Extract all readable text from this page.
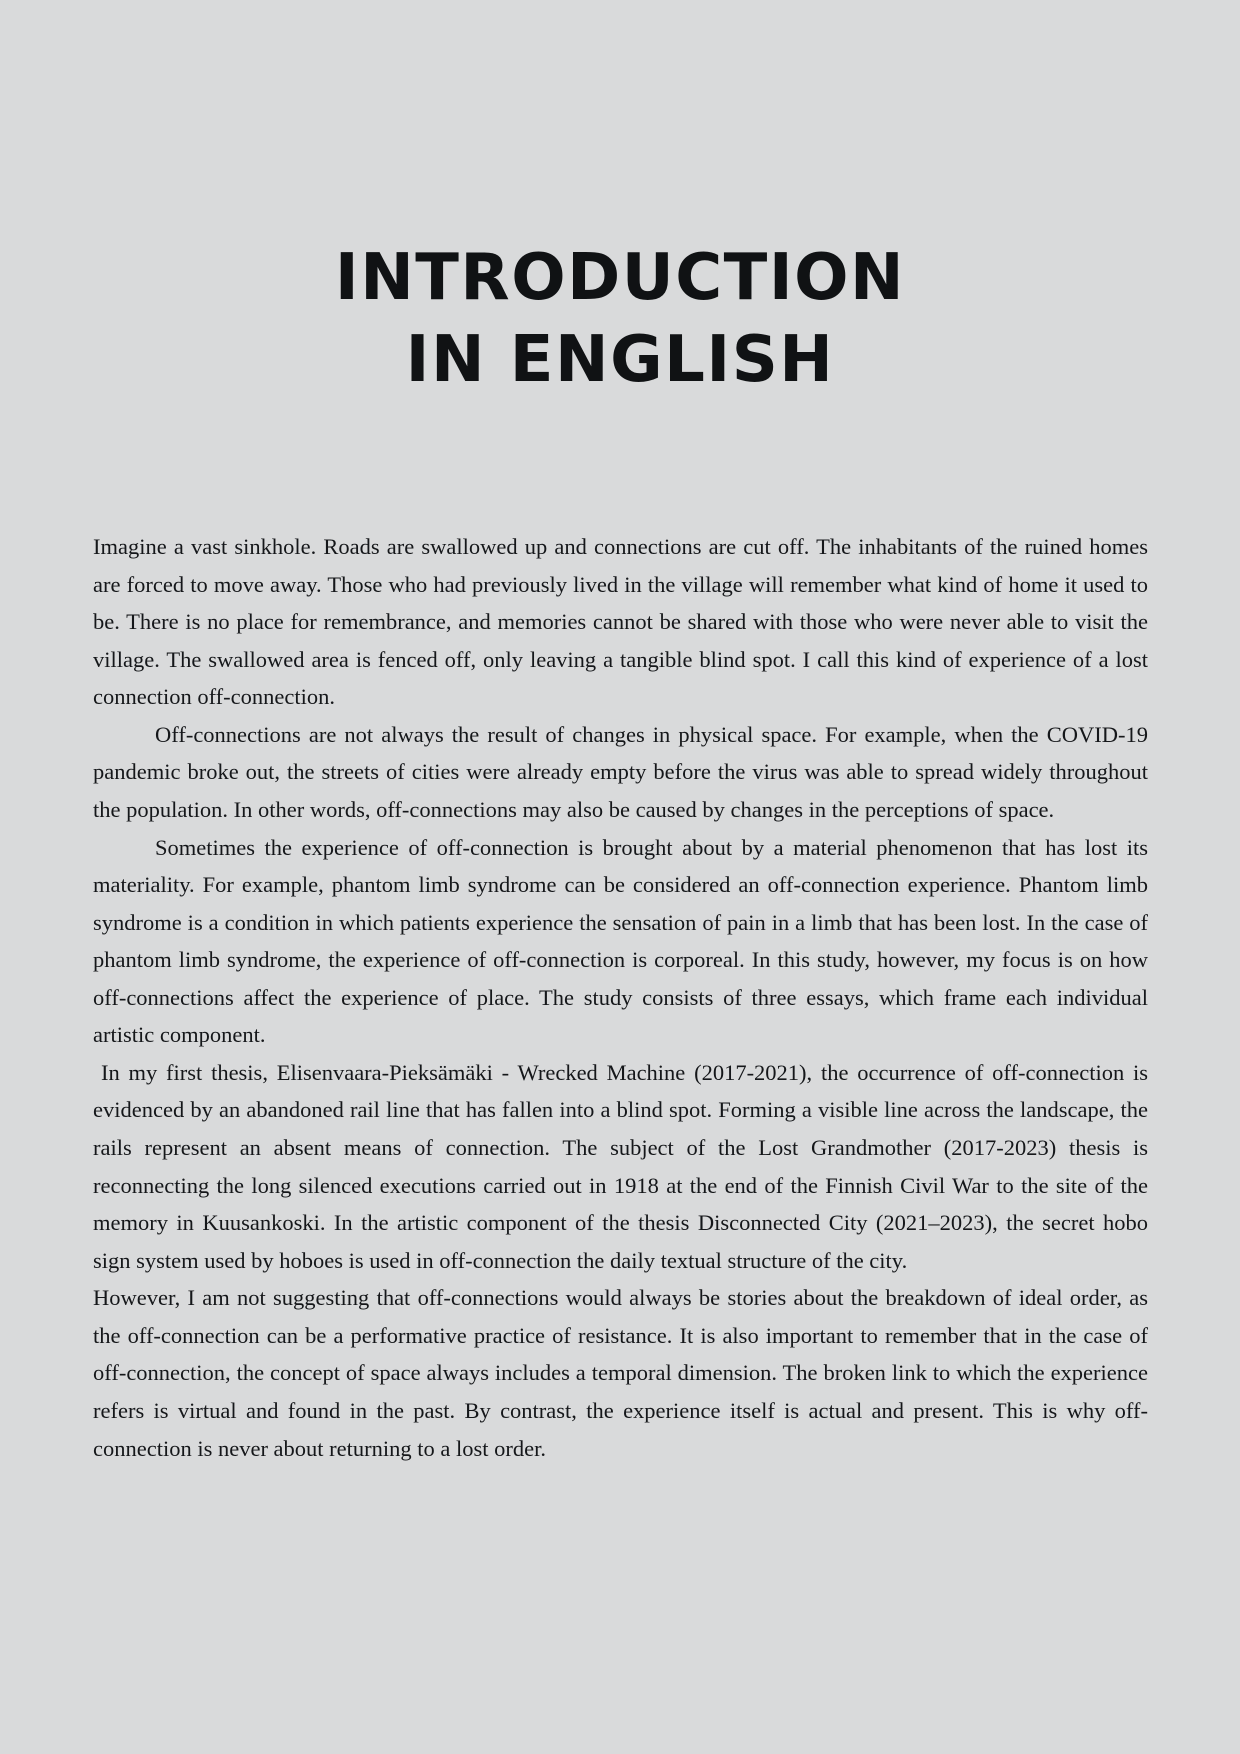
INTRODUCTION
IN ENGLISH

Imagine a vast sinkhole. Roads are swallowed up and connections are cut off. The inhabitants of the ruined homes are forced to move away. Those who had previously lived in the village will remember what kind of home it used to be. There is no place for remembrance, and memories cannot be shared with those who were never able to visit the village. The swallowed area is fenced off, only leaving a tangible blind spot. I call this kind of experience of a lost connection off-connection.

Off-connections are not always the result of changes in physical space. For example, when the COVID-19 pandemic broke out, the streets of cities were already empty before the virus was able to spread widely throughout the population. In other words, off-connections may also be caused by changes in the perceptions of space.

Sometimes the experience of off-connection is brought about by a material phenomenon that has lost its materiality. For example, phantom limb syndrome can be considered an off-connection experience. Phantom limb syndrome is a condition in which patients experience the sensation of pain in a limb that has been lost. In the case of phantom limb syndrome, the experience of off-connection is corporeal. In this study, however, my focus is on how off-connections affect the experience of place. The study consists of three essays, which frame each individual artistic component.

In my first thesis, Elisenvaara-Pieksämäki - Wrecked Machine (2017-2021), the occurrence of off-connection is evidenced by an abandoned rail line that has fallen into a blind spot. Forming a visible line across the landscape, the rails represent an absent means of connection. The subject of the Lost Grandmother (2017-2023) thesis is reconnecting the long silenced executions carried out in 1918 at the end of the Finnish Civil War to the site of the memory in Kuusankoski. In the artistic component of the thesis Disconnected City (2021–2023), the secret hobo sign system used by hoboes is used in off-connection the daily textual structure of the city.

However, I am not suggesting that off-connections would always be stories about the breakdown of ideal order, as the off-connection can be a performative practice of resistance. It is also important to remember that in the case of off-connection, the concept of space always includes a temporal dimension. The broken link to which the experience refers is virtual and found in the past. By contrast, the experience itself is actual and present. This is why off-connection is never about returning to a lost order.
